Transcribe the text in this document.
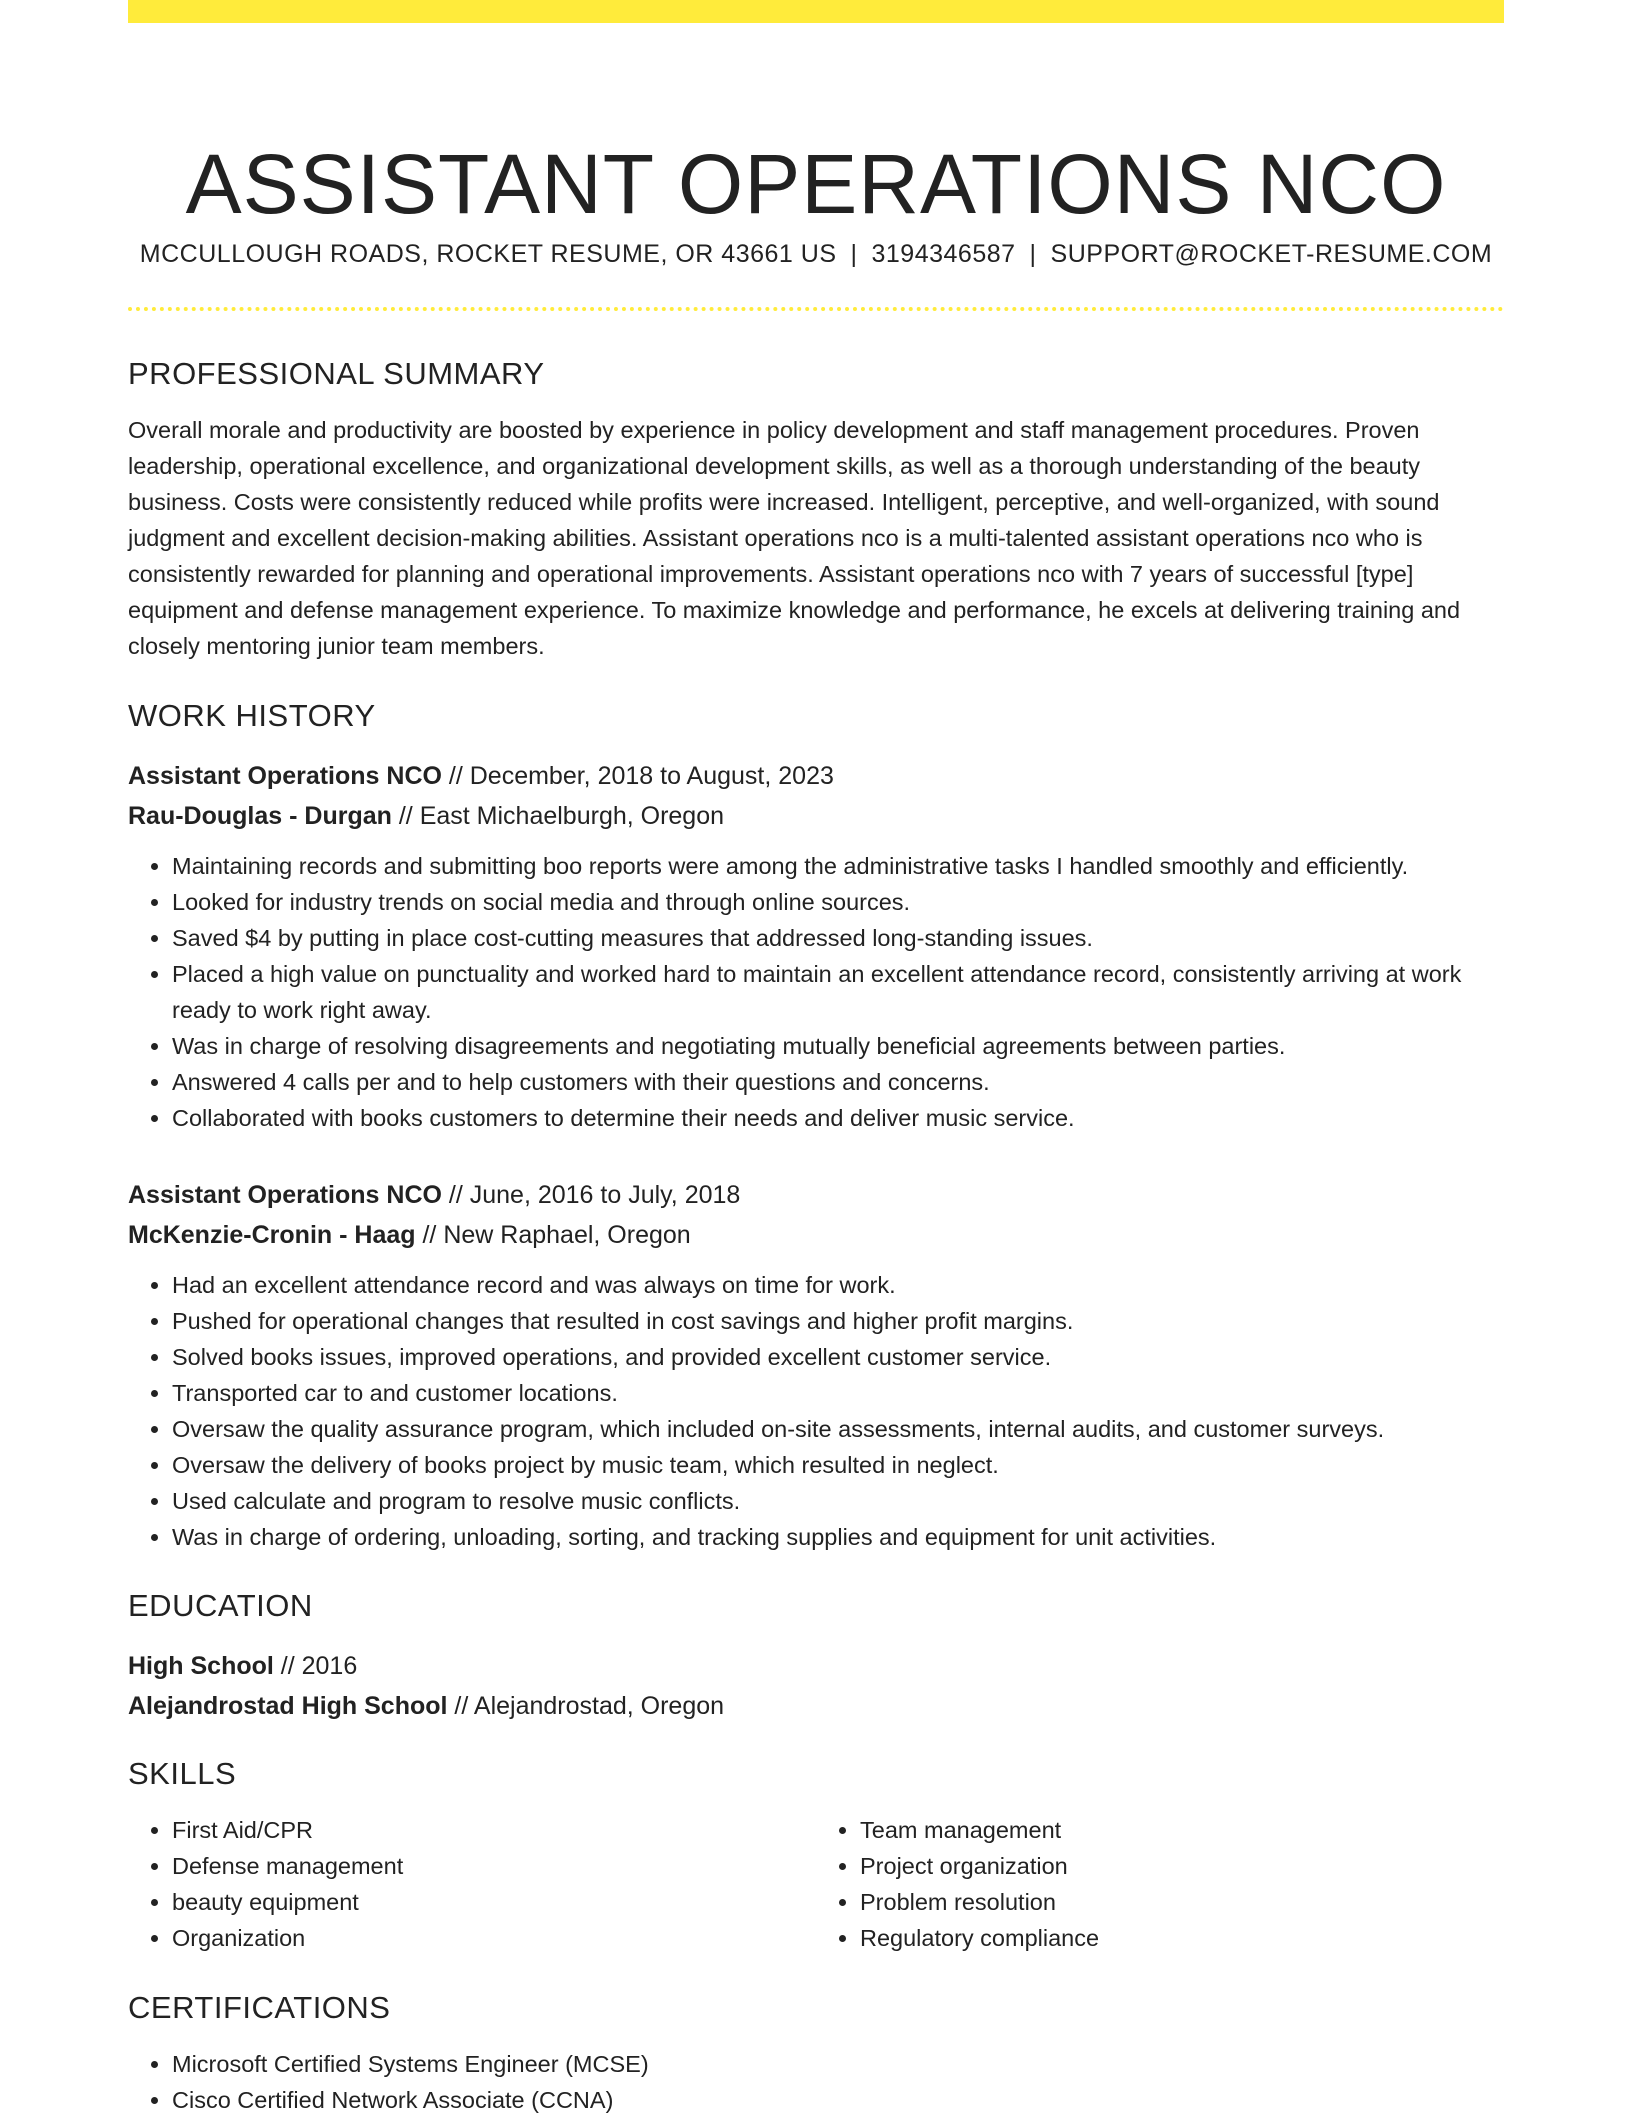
ASSISTANT OPERATIONS NCO
MCCULLOUGH ROADS, ROCKET RESUME, OR 43661 US | 3194346587 | SUPPORT@ROCKET-RESUME.COM
PROFESSIONAL SUMMARY

Overall morale and productivity are boosted by experience in policy development and staff management procedures. Proven leadership, operational excellence, and organizational development skills, as well as a thorough understanding of the beauty business. Costs were consistently reduced while profits were increased. Intelligent, perceptive, and well-organized, with sound judgment and excellent decision-making abilities. Assistant operations nco is a multi-talented assistant operations nco who is consistently rewarded for planning and operational improvements. Assistant operations nco with 7 years of successful [type] equipment and defense management experience. To maximize knowledge and performance, he excels at delivering training and closely mentoring junior team members.

WORK HISTORY

Assistant Operations NCO // December, 2018 to August, 2023

Rau-Douglas - Durgan // East Michaelburgh, Oregon

• Maintaining records and submitting boo reports were among the administrative tasks I handled smoothly and efficiently.
• Looked for industry trends on social media and through online sources.
• Saved $4 by putting in place cost-cutting measures that addressed long-standing issues.
• Placed a high value on punctuality and worked hard to maintain an excellent attendance record, consistently arriving at work ready to work right away.
• Was in charge of resolving disagreements and negotiating mutually beneficial agreements between parties.
• Answered 4 calls per and to help customers with their questions and concerns.
• Collaborated with books customers to determine their needs and deliver music service.

Assistant Operations NCO // June, 2016 to July, 2018

McKenzie-Cronin - Haag // New Raphael, Oregon

• Had an excellent attendance record and was always on time for work.
• Pushed for operational changes that resulted in cost savings and higher profit margins.
• Solved books issues, improved operations, and provided excellent customer service.
• Transported car to and customer locations.
• Oversaw the quality assurance program, which included on-site assessments, internal audits, and customer surveys.
• Oversaw the delivery of books project by music team, which resulted in neglect.
• Used calculate and program to resolve music conflicts.
• Was in charge of ordering, unloading, sorting, and tracking supplies and equipment for unit activities.
EDUCATION

High School // 2016

Alejandrostad High School // Alejandrostad, Oregon

SKILLS
• First Aid/CPR
• Defense management
• beauty equipment
• Organization
• Team management
• Project organization
• Problem resolution
• Regulatory compliance
CERTIFICATIONS
• Microsoft Certified Systems Engineer (MCSE)
• Cisco Certified Network Associate (CCNA)
